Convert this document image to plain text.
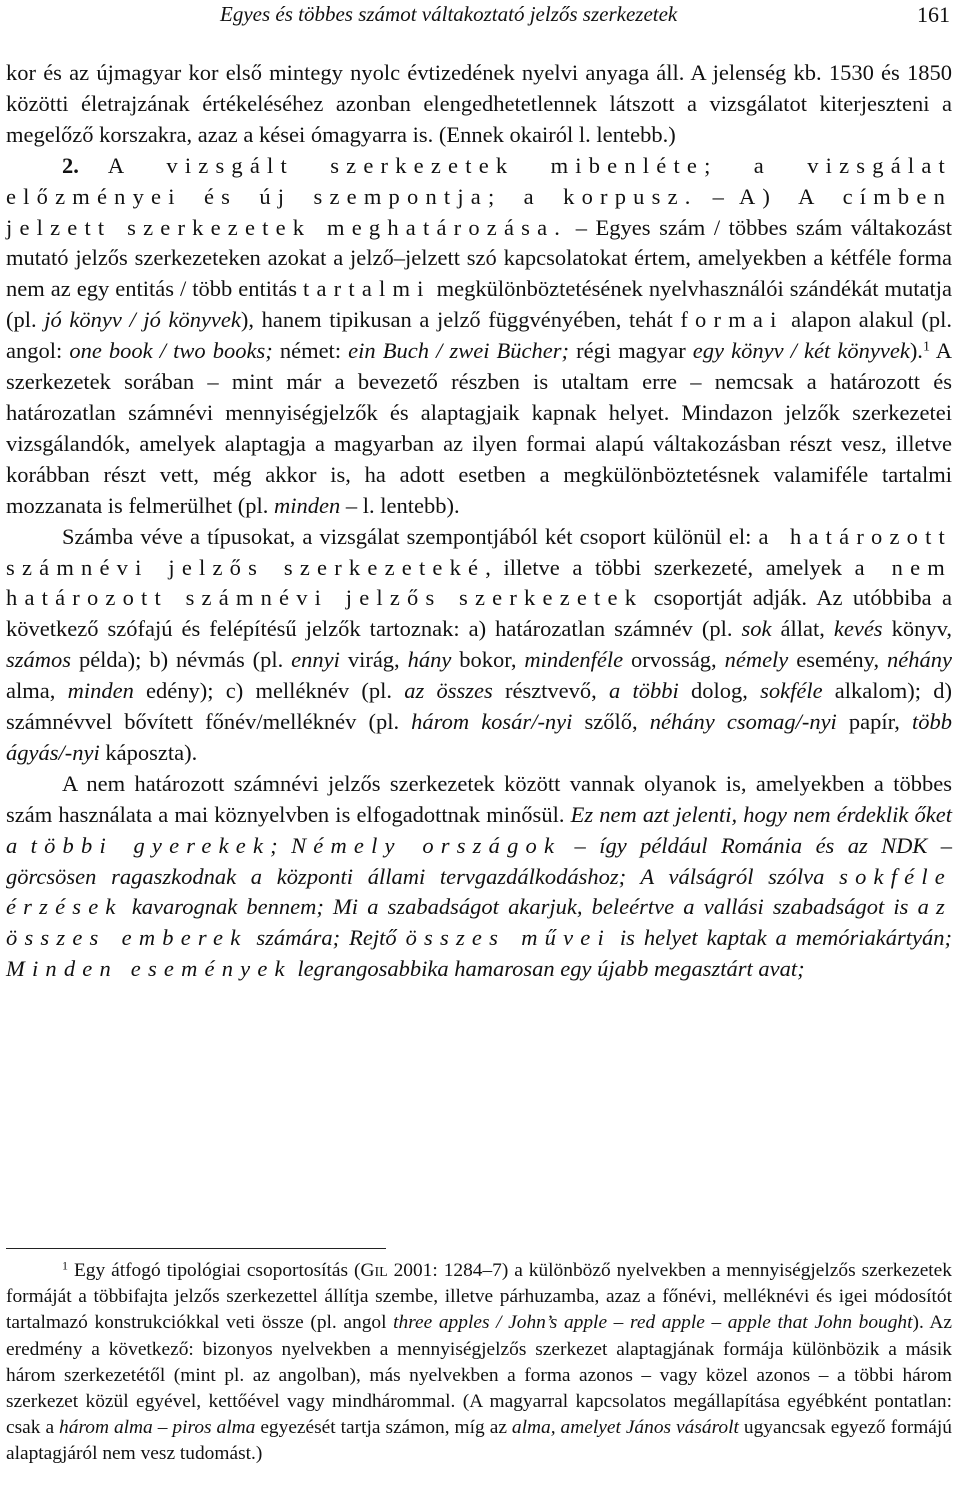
Egyes és többes számot váltakoztató jelzős szerkezetek	161

kor és az újmagyar kor első mintegy nyolc évtizedének nyelvi anyaga áll. A jelenség kb. 1530 és 1850 közötti életrajzának értékeléséhez azonban elengedhetetlennek látszott a vizsgálatot kiterjeszteni a megelőző korszakra, azaz a kései ómagyarra is. (Ennek okairól l. lentebb.)

2. A vizsgált szerkezetek mibenléte; a vizsgálat előzményei és új szempontja; a korpusz. – A) A címben jelzett szerkezetek meghatározása. – Egyes szám / többes szám váltakozást mutató jelzős szerkezeteken azokat a jelző–jelzett szó kapcsolatokat értem, amelyekben a kétféle forma nem az egy entitás / több entitás tartalmi megkülönböztetésének nyelvhasználói szándékát mutatja (pl. jó könyv / jó könyvek), hanem tipikusan a jelző függvényében, tehát formai alapon alakul (pl. angol: one book / two books; német: ein Buch / zwei Bücher; régi magyar egy könyv / két könyvek).$^1$ A szerkezetek sorában – mint már a bevezető részben is utaltam erre – nemcsak a határozott és határozatlan számnévi mennyiségjelzők és alaptagjaik kapnak helyet. Mindazon jelzők szerkezetei vizsgálandók, amelyek alaptagja a magyarban az ilyen formai alapú váltakozásban részt vesz, illetve korábban részt vett, még akkor is, ha adott esetben a megkülönböztetésnek valamiféle tartalmi mozzanata is felmerülhet (pl. minden – l. lentebb).

Számba véve a típusokat, a vizsgálat szempontjából két csoport különül el: a határozott számnévi jelzős szerkezeteké, illetve a többi szerkezeté, amelyek a nem határozott számnévi jelzős szerkezetek csoportját adják. Az utóbbiba a következő szófajú és felépítésű jelzők tartoznak: a) határozatlan számnév (pl. sok állat, kevés könyv, számos példa); b) névmás (pl. ennyi virág, hány bokor, mindenféle orvosság, némely esemény, néhány alma, minden edény); c) melléknév (pl. az összes résztvevő, a többi dolog, sokféle alkalom); d) számnévvel bővített főnév/melléknév (pl. három kosár/-nyi szőlő, néhány csomag/-nyi papír, több ágyás/-nyi káposzta).

A nem határozott számnévi jelzős szerkezetek között vannak olyanok is, amelyekben a többes szám használata a mai köznyelvben is elfogadottnak minősül. Ez nem azt jelenti, hogy nem érdeklik őket a többi gyerekek; Némely országok – így például Románia és az NDK – görcsösen ragaszkodnak a központi állami tervgazdálkodáshoz; A válságról szólva sokféle érzések kavarognak bennem; Mi a szabadságot akarjuk, beleértve a vallási szabadságot is az összes emberek számára; Rejtő összes művei is helyet kaptak a memóriakártyán; Minden események legrangosabbika hamarosan egy újabb megasztárt avat;

$^1$ Egy átfogó tipológiai csoportosítás (Gil 2001: 1284–7) a különböző nyelvekben a mennyiségjelzős szerkezetek formáját a többifajta jelzős szerkezettel állítja szembe, illetve párhuzamba, azaz a főnévi, melléknévi és igei módosítót tartalmazó konstrukciókkal veti össze (pl. angol three apples / John’s apple – red apple – apple that John bought). Az eredmény a következő: bizonyos nyelvekben a mennyiségjelzős szerkezet alaptagjának formája különbözik a másik három szerkezetétől (mint pl. az angolban), más nyelvekben a forma azonos – vagy közel azonos – a többi három szerkezet közül egyével, kettőével vagy mindhárommal. (A magyarral kapcsolatos megállapítása egyébként pontatlan: csak a három alma – piros alma egyezését tartja számon, míg az alma, amelyet János vásárolt ugyancsak egyező formájú alaptagjáról nem vesz tudomást.)
